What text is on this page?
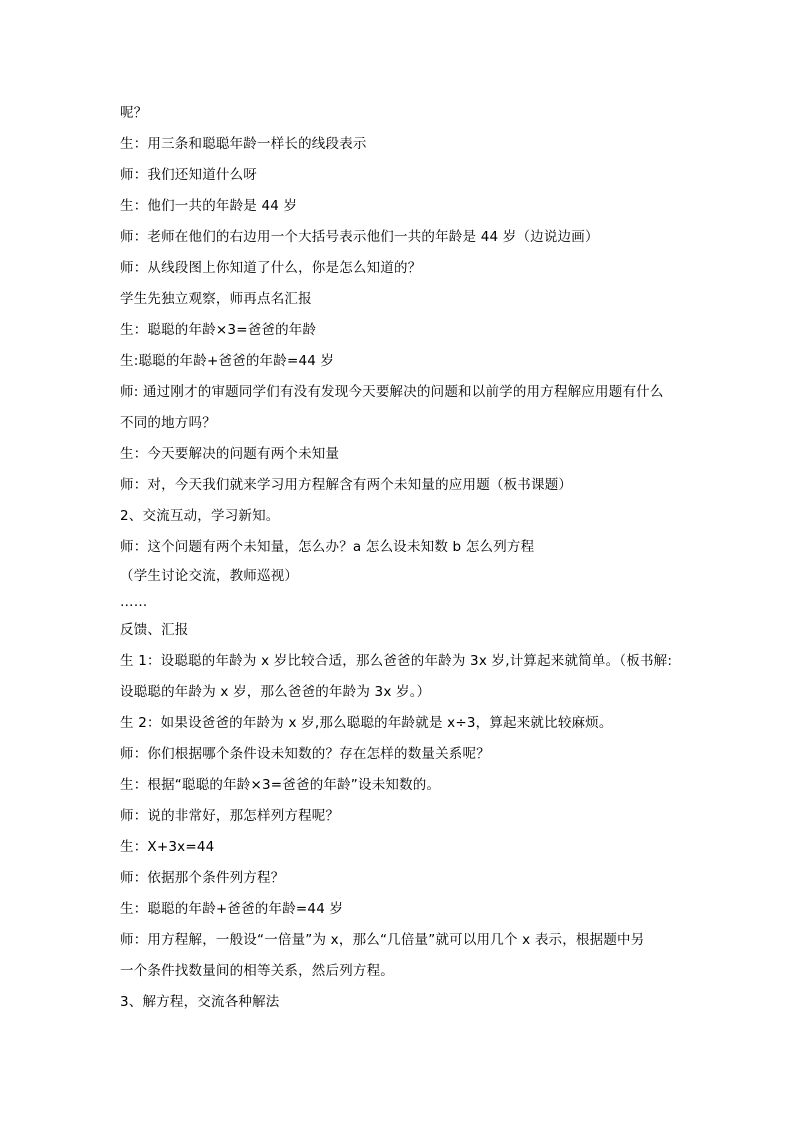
呢？
生：用三条和聪聪年龄一样长的线段表示
师：我们还知道什么呀
生：他们一共的年龄是 44 岁
师：老师在他们的右边用一个大括号表示他们一共的年龄是 44 岁（边说边画）
师：从线段图上你知道了什么，你是怎么知道的？
学生先独立观察，师再点名汇报
生：聪聪的年龄×3=爸爸的年龄
生:聪聪的年龄+爸爸的年龄=44 岁
师: 通过刚才的审题同学们有没有发现今天要解决的问题和以前学的用方程解应用题有什么
不同的地方吗？
生：今天要解决的问题有两个未知量
师：对，今天我们就来学习用方程解含有两个未知量的应用题（板书课题）
2、交流互动，学习新知。
师：这个问题有两个未知量，怎么办？a 怎么设未知数 b 怎么列方程
（学生讨论交流，教师巡视）
……
反馈、汇报
生 1：设聪聪的年龄为 x 岁比较合适，那么爸爸的年龄为 3x 岁,计算起来就简单。（板书解:
设聪聪的年龄为 x 岁，那么爸爸的年龄为 3x 岁。）
生 2：如果设爸爸的年龄为 x 岁,那么聪聪的年龄就是 x÷3，算起来就比较麻烦。
师：你们根据哪个条件设未知数的？存在怎样的数量关系呢？
生：根据“聪聪的年龄×3=爸爸的年龄”设未知数的。
师：说的非常好，那怎样列方程呢？
生：X+3x=44
师：依据那个条件列方程？
生：聪聪的年龄+爸爸的年龄=44 岁
师：用方程解，一般设“一倍量”为 x，那么“几倍量”就可以用几个 x 表示，根据题中另
一个条件找数量间的相等关系，然后列方程。
3、解方程，交流各种解法
